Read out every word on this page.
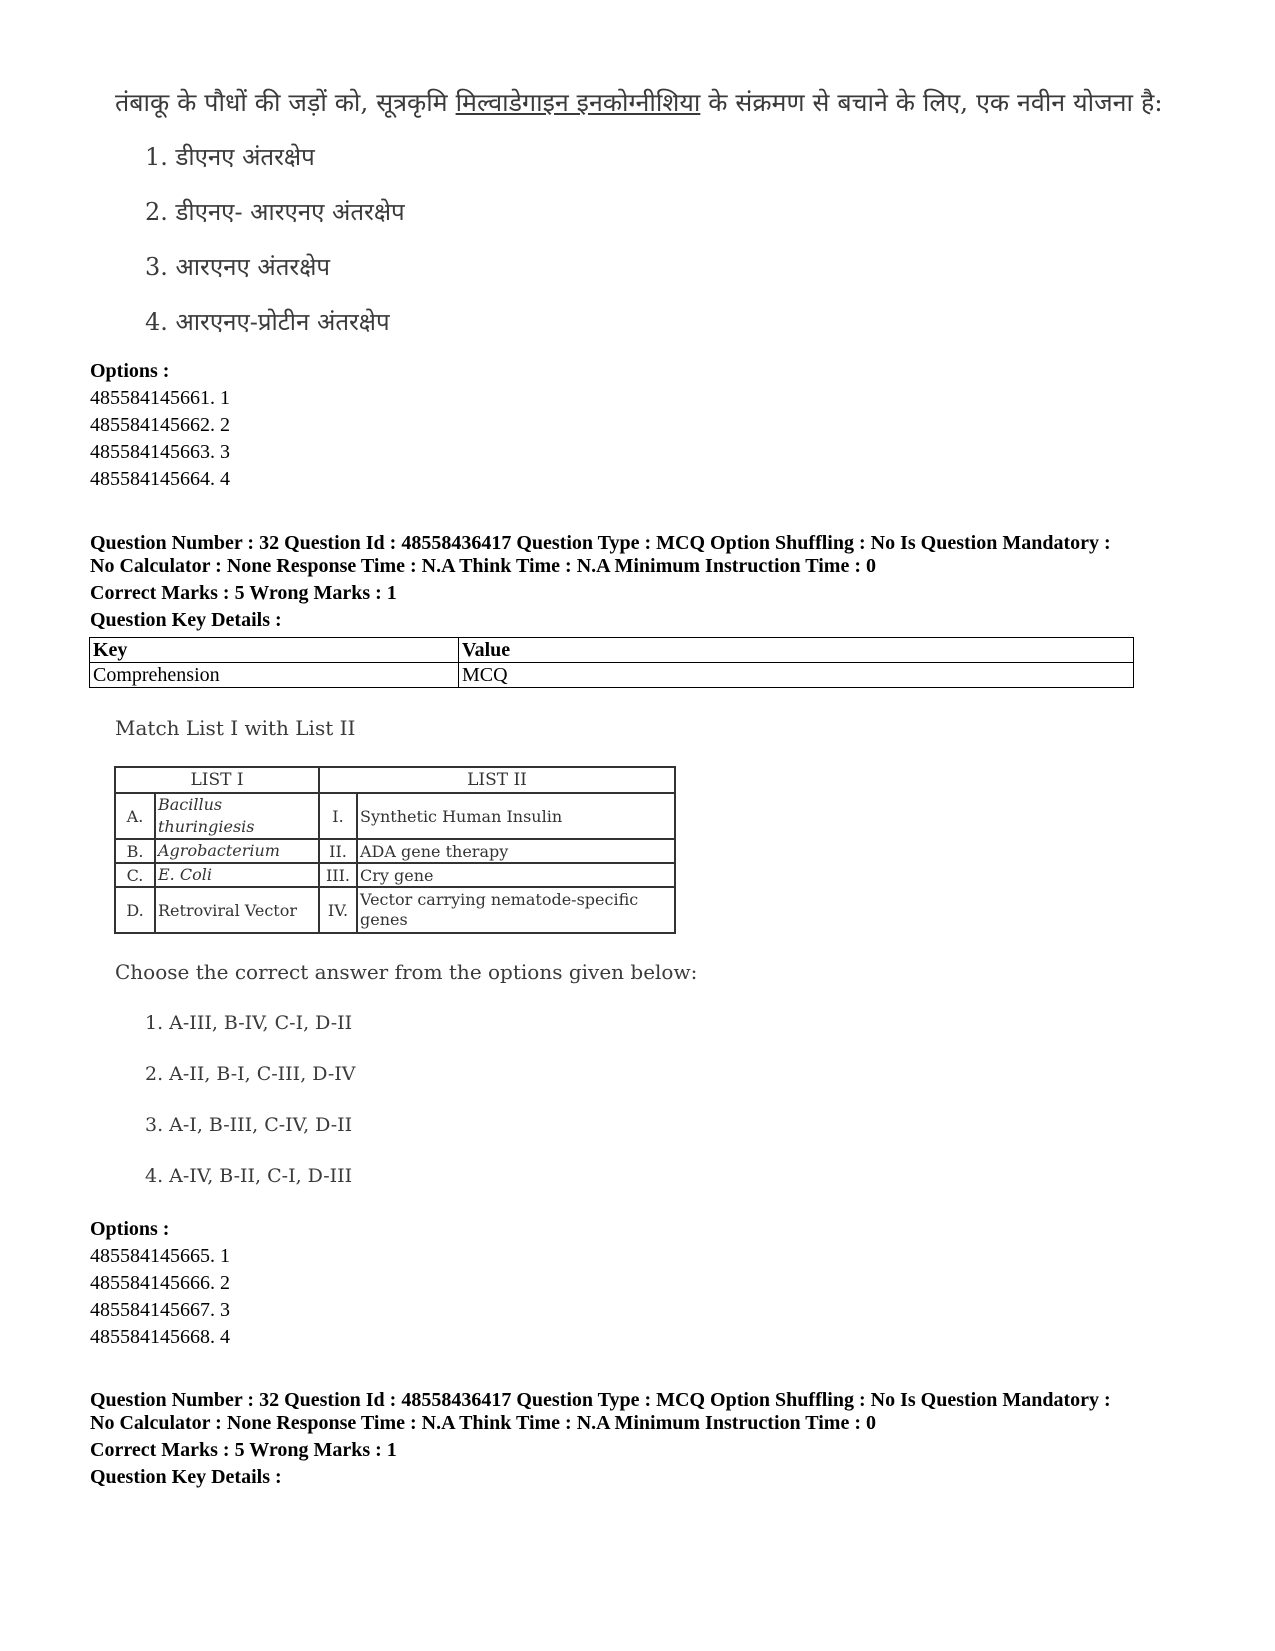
तंबाकू के पौधों की जड़ों को, सूत्रकृमि मिल्वाडेगाइन इनकोग्नीशिया के संक्रमण से बचाने के लिए, एक नवीन योजना है:
1. डीएनए अंतरक्षेप
2. डीएनए- आरएनए अंतरक्षेप
3. आरएनए अंतरक्षेप
4. आरएनए-प्रोटीन अंतरक्षेप
Options :
485584145661. 1
485584145662. 2
485584145663. 3
485584145664. 4
Question Number : 32 Question Id : 48558436417 Question Type : MCQ Option Shuffling : No Is Question Mandatory :
No Calculator : None Response Time : N.A Think Time : N.A Minimum Instruction Time : 0
Correct Marks : 5 Wrong Marks : 1
Question Key Details :
Key	Value
Comprehension	MCQ
Match List I with List II
LIST I		LIST II	
A.	Bacillus thuringiesis	I.	Synthetic Human Insulin
B.	Agrobacterium	II.	ADA gene therapy
C.	E. Coli	III.	Cry gene
D.	Retroviral Vector	IV.	Vector carrying nematode-specific genes
Choose the correct answer from the options given below:
1. A-III, B-IV, C-I, D-II
2. A-II, B-I, C-III, D-IV
3. A-I, B-III, C-IV, D-II
4. A-IV, B-II, C-I, D-III
Options :
485584145665. 1
485584145666. 2
485584145667. 3
485584145668. 4
Question Number : 32 Question Id : 48558436417 Question Type : MCQ Option Shuffling : No Is Question Mandatory :
No Calculator : None Response Time : N.A Think Time : N.A Minimum Instruction Time : 0
Correct Marks : 5 Wrong Marks : 1
Question Key Details :
